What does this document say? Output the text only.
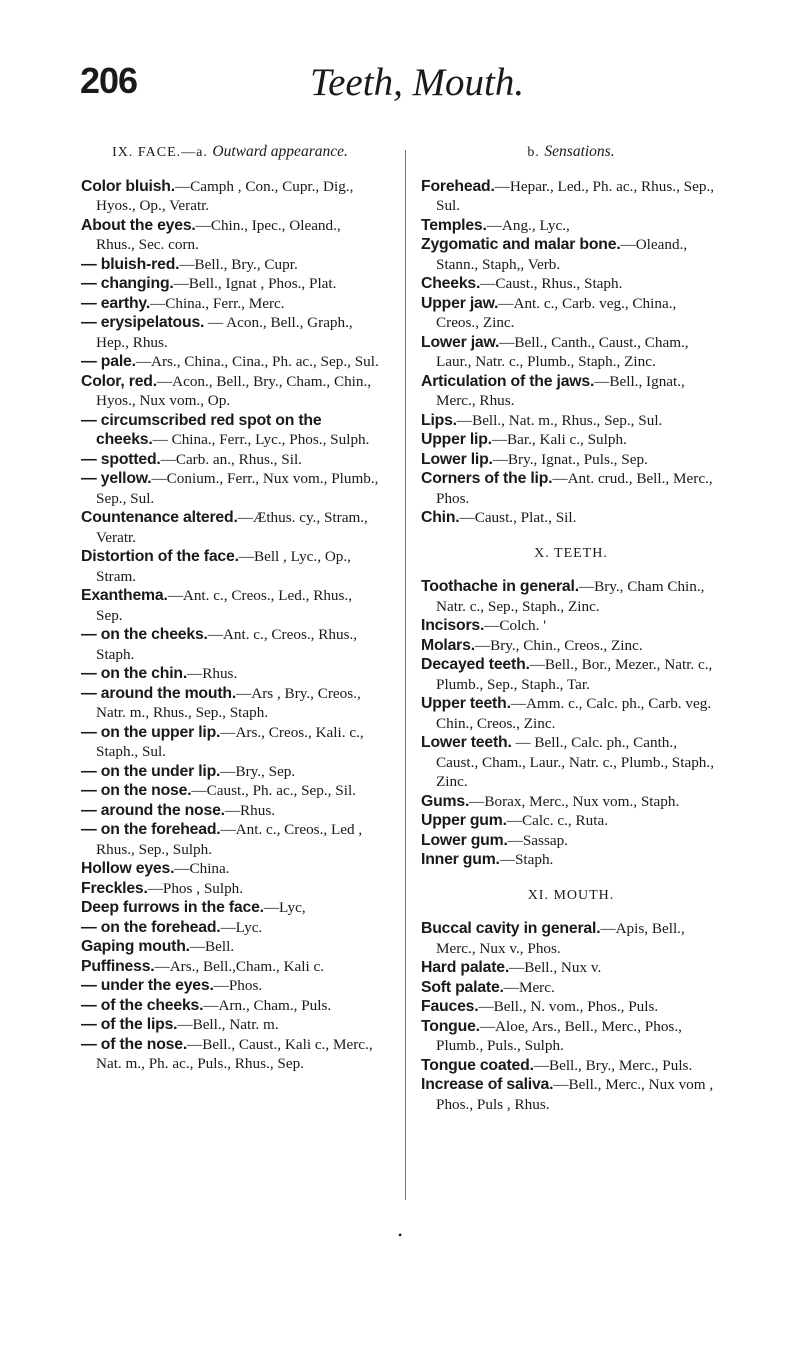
206	Teeth, Mouth.
IX. FACE.—a. Outward appearance.

Color bluish.—Camph , Con., Cupr., Dig., Hyos., Op., Veratr.

About the eyes.—Chin., Ipec., Oleand., Rhus., Sec. corn.

— bluish-red.—Bell., Bry., Cupr.

— changing.—Bell., Ignat , Phos., Plat.

— earthy.—China., Ferr., Merc.

— erysipelatous. — Acon., Bell., Graph., Hep., Rhus.

— pale.—Ars., China., Cina., Ph. ac., Sep., Sul.

Color, red.—Acon., Bell., Bry., Cham., Chin., Hyos., Nux vom., Op.

— circumscribed red spot on the cheeks.— China., Ferr., Lyc., Phos., Sulph.

— spotted.—Carb. an., Rhus., Sil.

— yellow.—Conium., Ferr., Nux vom., Plumb., Sep., Sul.

Countenance altered.—Æthus. cy., Stram., Veratr.

Distortion of the face.—Bell , Lyc., Op., Stram.

Exanthema.—Ant. c., Creos., Led., Rhus., Sep.

— on the cheeks.—Ant. c., Creos., Rhus., Staph.

— on the chin.—Rhus.

— around the mouth.—Ars , Bry., Creos., Natr. m., Rhus., Sep., Staph.

— on the upper lip.—Ars., Creos., Kali. c., Staph., Sul.

— on the under lip.—Bry., Sep.

— on the nose.—Caust., Ph. ac., Sep., Sil.

— around the nose.—Rhus.

— on the forehead.—Ant. c., Creos., Led , Rhus., Sep., Sulph.

Hollow eyes.—China.

Freckles.—Phos , Sulph.

Deep furrows in the face.—Lyc,

— on the forehead.—Lyc.

Gaping mouth.—Bell.

Puffiness.—Ars., Bell.,Cham., Kali c.

— under the eyes.—Phos.

— of the cheeks.—Arn., Cham., Puls.

— of the lips.—Bell., Natr. m.

— of the nose.—Bell., Caust., Kali c., Merc., Nat. m., Ph. ac., Puls., Rhus., Sep.

b. Sensations.

Forehead.—Hepar., Led., Ph. ac., Rhus., Sep., Sul.

Temples.—Ang., Lyc.,

Zygomatic and malar bone.—Oleand., Stann., Staph,, Verb.

Cheeks.—Caust., Rhus., Staph.

Upper jaw.—Ant. c., Carb. veg., China., Creos., Zinc.

Lower jaw.—Bell., Canth., Caust., Cham., Laur., Natr. c., Plumb., Staph., Zinc.

Articulation of the jaws.—Bell., Ignat., Merc., Rhus.

Lips.—Bell., Nat. m., Rhus., Sep., Sul.

Upper lip.—Bar., Kali c., Sulph.

Lower lip.—Bry., Ignat., Puls., Sep.

Corners of the lip.—Ant. crud., Bell., Merc., Phos.

Chin.—Caust., Plat., Sil.

X. TEETH.

Toothache in general.—Bry., Cham Chin., Natr. c., Sep., Staph., Zinc.

Incisors.—Colch. '

Molars.—Bry., Chin., Creos., Zinc.

Decayed teeth.—Bell., Bor., Mezer., Natr. c., Plumb., Sep., Staph., Tar.

Upper teeth.—Amm. c., Calc. ph., Carb. veg. Chin., Creos., Zinc.

Lower teeth. — Bell., Calc. ph., Canth., Caust., Cham., Laur., Natr. c., Plumb., Staph., Zinc.

Gums.—Borax, Merc., Nux vom., Staph.

Upper gum.—Calc. c., Ruta.

Lower gum.—Sassap.

Inner gum.—Staph.

XI. MOUTH.

Buccal cavity in general.—Apis, Bell., Merc., Nux v., Phos.

Hard palate.—Bell., Nux v.

Soft palate.—Merc.

Fauces.—Bell., N. vom., Phos., Puls.

Tongue.—Aloe, Ars., Bell., Merc., Phos., Plumb., Puls., Sulph.

Tongue coated.—Bell., Bry., Merc., Puls.

Increase of saliva.—Bell., Merc., Nux vom , Phos., Puls , Rhus.

•
